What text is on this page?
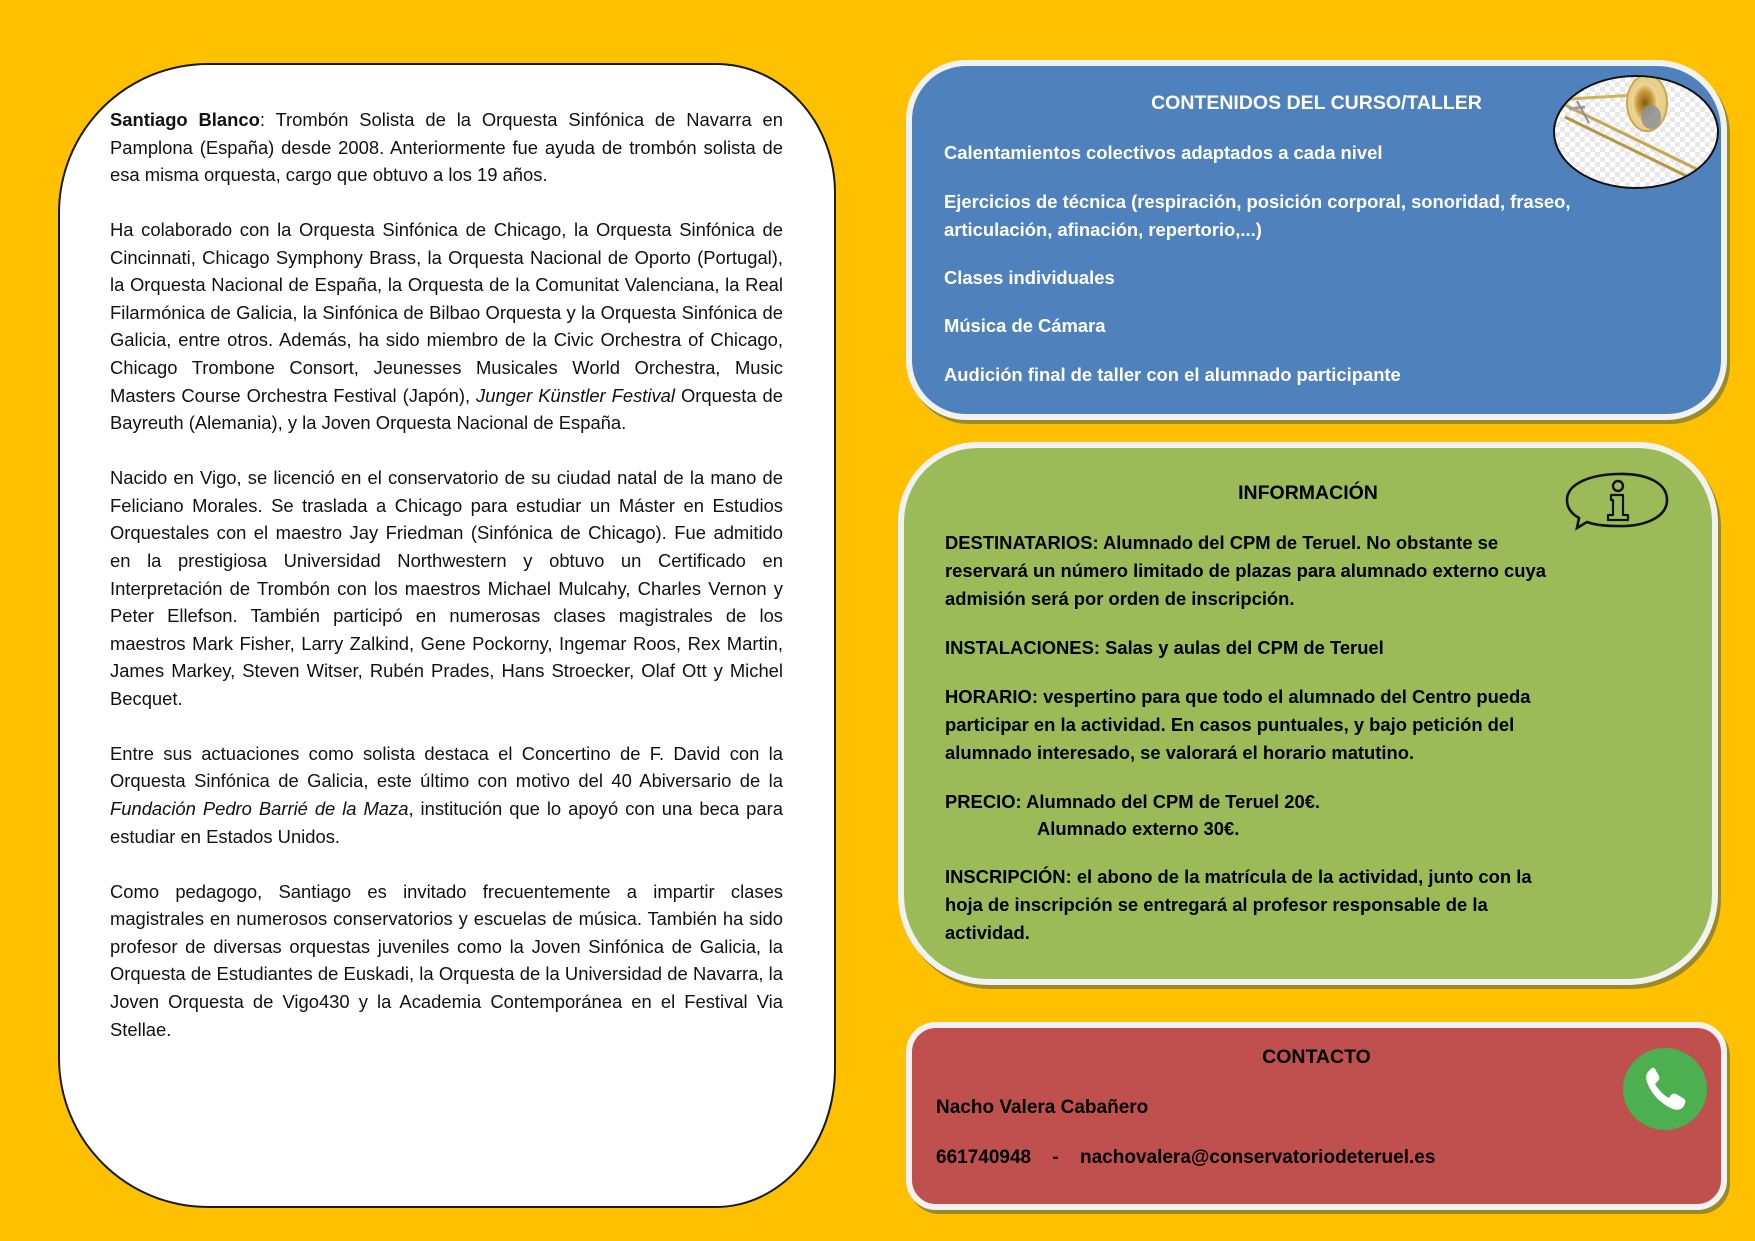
Santiago Blanco: Trombón Solista de la Orquesta Sinfónica de Navarra en Pamplona (España) desde 2008. Anteriormente fue ayuda de trombón solista de esa misma orquesta, cargo que obtuvo a los 19 años.

Ha colaborado con la Orquesta Sinfónica de Chicago, la Orquesta Sinfónica de Cincinnati, Chicago Symphony Brass, la Orquesta Nacional de Oporto (Portugal), la Orquesta Nacional de España, la Orquesta de la Comunitat Valenciana, la Real Filarmónica de Galicia, la Sinfónica de Bilbao Orquesta y la Orquesta Sinfónica de Galicia, entre otros. Además, ha sido miembro de la Civic Orchestra of Chicago, Chicago Trombone Consort, Jeunesses Musicales World Orchestra, Music Masters Course Orchestra Festival (Japón), Junger Künstler Festival Orquesta de Bayreuth (Alemania), y la Joven Orquesta Nacional de España.

Nacido en Vigo, se licenció en el conservatorio de su ciudad natal de la mano de Feliciano Morales. Se traslada a Chicago para estudiar un Máster en Estudios Orquestales con el maestro Jay Friedman (Sinfónica de Chicago). Fue admitido en la prestigiosa Universidad Northwestern y obtuvo un Certificado en Interpretación de Trombón con los maestros Michael Mulcahy, Charles Vernon y Peter Ellefson. También participó en numerosas clases magistrales de los maestros Mark Fisher, Larry Zalkind, Gene Pockorny, Ingemar Roos, Rex Martin, James Markey, Steven Witser, Rubén Prades, Hans Stroecker, Olaf Ott y Michel Becquet.

Entre sus actuaciones como solista destaca el Concertino de F. David con la Orquesta Sinfónica de Galicia, este último con motivo del 40 Abiversario de la Fundación Pedro Barrié de la Maza, institución que lo apoyó con una beca para estudiar en Estados Unidos.

Como pedagogo, Santiago es invitado frecuentemente a impartir clases magistrales en numerosos conservatorios y escuelas de música. También ha sido profesor de diversas orquestas juveniles como la Joven Sinfónica de Galicia, la Orquesta de Estudiantes de Euskadi, la Orquesta de la Universidad de Navarra, la Joven Orquesta de Vigo430 y la Academia Contemporánea en el Festival Via Stellae.

CONTENIDOS DEL CURSO/TALLER
Calentamientos colectivos adaptados a cada nivel
Ejercicios de técnica (respiración, posición corporal, sonoridad, fraseo,
articulación, afinación, repertorio,...)
Clases individuales
Música de Cámara
Audición final de taller con el alumnado participante
INFORMACIÓN
DESTINATARIOS: Alumnado del CPM de Teruel. No obstante se
reservará un número limitado de plazas para alumnado externo cuya
admisión será por orden de inscripción.
INSTALACIONES: Salas y aulas del CPM de Teruel
HORARIO: vespertino para que todo el alumnado del Centro pueda
participar en la actividad. En casos puntuales, y bajo petición del
alumnado interesado, se valorará el horario matutino.
PRECIO: Alumnado del CPM de Teruel 20€.
Alumnado externo 30€.
INSCRIPCIÓN: el abono de la matrícula de la actividad, junto con la
hoja de inscripción se entregará al profesor responsable de la
actividad.
CONTACTO
Nacho Valera Cabañero
661740948 - nachovalera@conservatoriodeteruel.es
